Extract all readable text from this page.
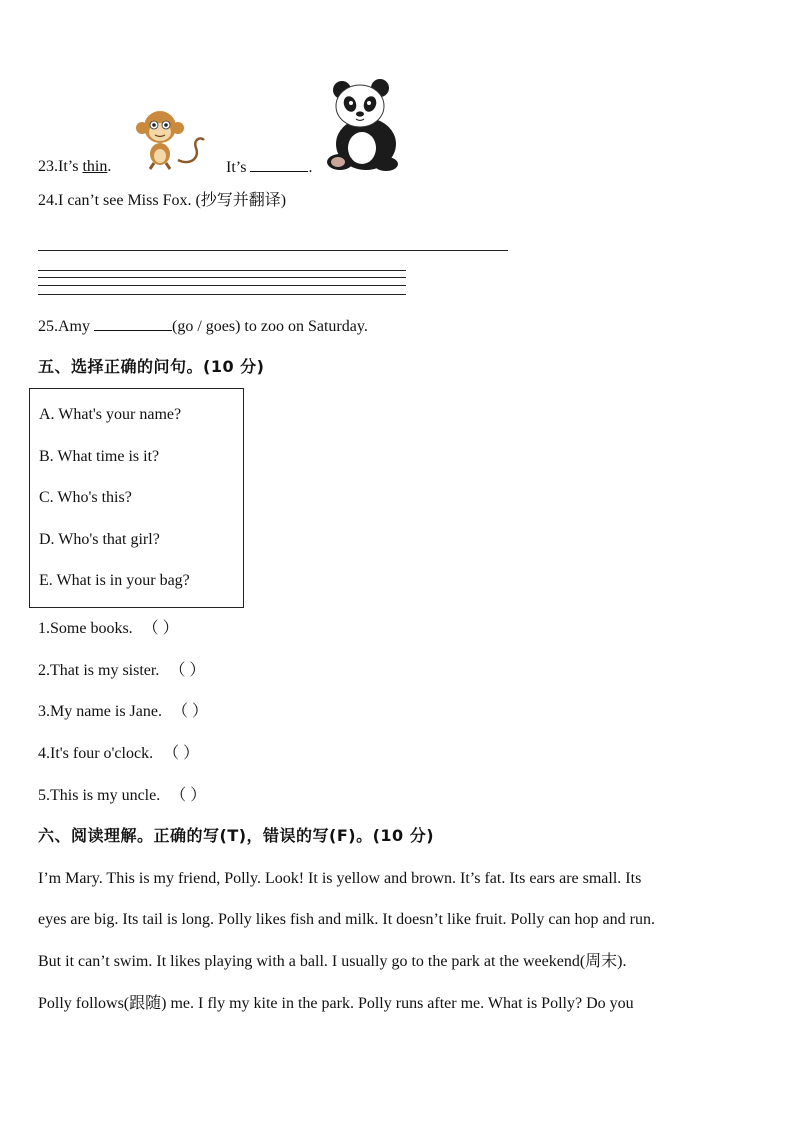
23.It’s thin.	It’s	.
24.I can’t see Miss Fox. (抄写并翻译)
25.Amy	(go / goes) to zoo on Saturday.
五、选择正确的问句。(10 分)
A. What's your name?
B. What time is it?
C. Who's this?
D. Who's that girl?
E. What is in your bag?
1.Some books. （ ）
2.That is my sister. （ ）
3.My name is Jane. （ ）
4.It's four o'clock. （ ）
5.This is my uncle. （ ）
六、阅读理解。正确的写(T)，错误的写(F)。(10 分)
I’m Mary. This is my friend, Polly. Look! It is yellow and brown. It’s fat. Its ears are small. Its
eyes are big. Its tail is long. Polly likes fish and milk. It doesn’t like fruit. Polly can hop and run.
But it can’t swim. It likes playing with a ball. I usually go to the park at the weekend(周末).
Polly follows(跟随) me. I fly my kite in the park. Polly runs after me. What is Polly? Do you
